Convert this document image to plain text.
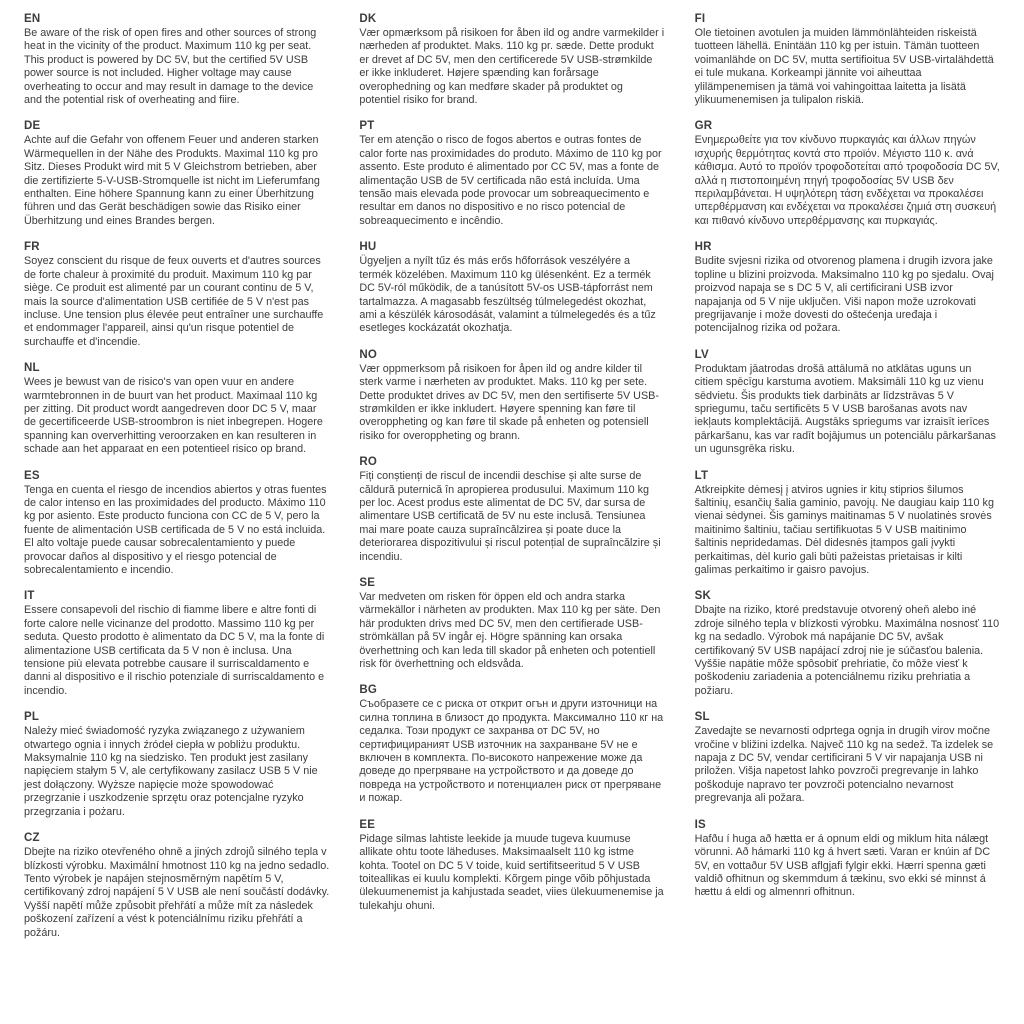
EN

Be aware of the risk of open fires and other sources of strong heat in the vicinity of the product. Maximum 110 kg per seat. This product is powered by DC 5V, but the certified 5V USB power source is not included. Higher voltage may cause overheating to occur and may result in damage to the device and the potential risk of overheating and fiire.

DE

Achte auf die Gefahr von offenem Feuer und anderen starken Wärmequellen in der Nähe des Produkts. Maximal 110 kg pro Sitz. Dieses Produkt wird mit 5 V Gleichstrom betrieben, aber die zertifizierte 5-V-USB-Stromquelle ist nicht im Lieferumfang enthalten. Eine höhere Spannung kann zu einer Überhitzung führen und das Gerät beschädigen sowie das Risiko einer Überhitzung und eines Brandes bergen.

FR

Soyez conscient du risque de feux ouverts et d'autres sources de forte chaleur à proximité du produit. Maximum 110 kg par siège. Ce produit est alimenté par un courant continu de 5 V, mais la source d'alimentation USB certifiée de 5 V n'est pas incluse. Une tension plus élevée peut entraîner une surchauffe et endommager l'appareil, ainsi qu'un risque potentiel de surchauffe et d'incendie.

NL

Wees je bewust van de risico's van open vuur en andere warmtebronnen in de buurt van het product. Maximaal 110 kg per zitting. Dit product wordt aangedreven door DC 5 V, maar de gecertificeerde USB-stroombron is niet inbegrepen. Hogere spanning kan oververhitting veroorzaken en kan resulteren in schade aan het apparaat en een potentieel risico op brand.

ES

Tenga en cuenta el riesgo de incendios abiertos y otras fuentes de calor intenso en las proximidades del producto. Máximo 110 kg por asiento. Este producto funciona con CC de 5 V, pero la fuente de alimentación USB certificada de 5 V no está incluida. El alto voltaje puede causar sobrecalentamiento y puede provocar daños al dispositivo y el riesgo potencial de sobrecalentamiento e incendio.

IT

Essere consapevoli del rischio di fiamme libere e altre fonti di forte calore nelle vicinanze del prodotto. Massimo 110 kg per seduta. Questo prodotto è alimentato da DC 5 V, ma la fonte di alimentazione USB certificata da 5 V non è inclusa. Una tensione più elevata potrebbe causare il surriscaldamento e danni al dispositivo e il rischio potenziale di surriscaldamento e incendio.

PL

Należy mieć świadomość ryzyka związanego z używaniem otwartego ognia i innych źródeł ciepła w pobliżu produktu. Maksymalnie 110 kg na siedzisko. Ten produkt jest zasilany napięciem stałym 5 V, ale certyfikowany zasilacz USB 5 V nie jest dołączony. Wyższe napięcie może spowodować przegrzanie i uszkodzenie sprzętu oraz potencjalne ryzyko przegrzania i pożaru.

CZ

Dbejte na riziko otevřeného ohně a jiných zdrojů silného tepla v blízkosti výrobku. Maximální hmotnost 110 kg na jedno sedadlo. Tento výrobek je napájen stejnosměrným napětím 5 V, certifikovaný zdroj napájení 5 V USB ale není součástí dodávky. Vyšší napětí může způsobit přehřátí a může mít za následek poškození zařízení a vést k potenciálnímu riziku přehřátí a požáru.

DK

Vær opmærksom på risikoen for åben ild og andre varmekilder i nærheden af produktet. Maks. 110 kg pr. sæde. Dette produkt er drevet af DC 5V, men den certificerede 5V USB-strømkilde er ikke inkluderet. Højere spænding kan forårsage overophedning og kan medføre skader på produktet og potentiel risiko for brand.

PT

Ter em atenção o risco de fogos abertos e outras fontes de calor forte nas proximidades do produto. Máximo de 110 kg por assento. Este produto é alimentado por CC 5V, mas a fonte de alimentação USB de 5V certificada não está incluída. Uma tensão mais elevada pode provocar um sobreaquecimento e resultar em danos no dispositivo e no risco potencial de sobreaquecimento e incêndio.

HU

Ügyeljen a nyílt tűz és más erős hőforrások veszélyére a termék közelében. Maximum 110 kg ülésenként. Ez a termék DC 5V-ról működik, de a tanúsított 5V-os USB-tápforrást nem tartalmazza. A magasabb feszültség túlmelegedést okozhat, ami a készülék károsodását, valamint a túlmelegedés és a tűz esetleges kockázatát okozhatja.

NO

Vær oppmerksom på risikoen for åpen ild og andre kilder til sterk varme i nærheten av produktet. Maks. 110 kg per sete. Dette produktet drives av DC 5V, men den sertifiserte 5V USB-strømkilden er ikke inkludert. Høyere spenning kan føre til overoppheting og kan føre til skade på enheten og potensiell risiko for overoppheting og brann.

RO

Fiți conștienți de riscul de incendii deschise și alte surse de căldură puternică în apropierea produsului. Maximum 110 kg per loc. Acest produs este alimentat de DC 5V, dar sursa de alimentare USB certificată de 5V nu este inclusă. Tensiunea mai mare poate cauza supraîncălzirea și poate duce la deteriorarea dispozitivului și riscul potențial de supraîncălzire și incendiu.

SE

Var medveten om risken för öppen eld och andra starka värmekällor i närheten av produkten. Max 110 kg per säte. Den här produkten drivs med DC 5V, men den certifierade USB-strömkällan på 5V ingår ej. Högre spänning kan orsaka överhettning och kan leda till skador på enheten och potentiell risk för överhettning och eldsvåda.

BG

Съобразете се с риска от открит огън и други източници на силна топлина в близост до продукта. Максимално 110 кг на седалка. Този продукт се захранва от DC 5V, но сертифицираният USB източник на захранване 5V не е включен в комплекта. По-високото напрежение може да доведе до прегряване на устройството и да доведе до повреда на устройството и потенциален риск от прегряване и пожар.

EE

Pidage silmas lahtiste leekide ja muude tugeva kuumuse allikate ohtu toote läheduses. Maksimaalselt 110 kg istme kohta. Tootel on DC 5 V toide, kuid sertifitseeritud 5 V USB toiteallikas ei kuulu komplekti. Kõrgem pinge võib põhjustada ülekuumenemist ja kahjustada seadet, viies ülekuumenemise ja tulekahju ohuni.

FI

Ole tietoinen avotulen ja muiden lämmönlähteiden riskeistä tuotteen lähellä. Enintään 110 kg per istuin. Tämän tuotteen voimanlähde on DC 5V, mutta sertifioitua 5V USB-virtalähdettä ei tule mukana. Korkeampi jännite voi aiheuttaa ylilämpenemisen ja tämä voi vahingoittaa laitetta ja lisätä ylikuumenemisen ja tulipalon riskiä.

GR

Ενημερωθείτε για τον κίνδυνο πυρκαγιάς και άλλων πηγών ισχυρής θερμότητας κοντά στο προϊόν. Μέγιστο 110 κ. ανά κάθισμα. Αυτό το προϊόν τροφοδοτείται από τροφοδοσία DC 5V, αλλά η πιστοποιημένη πηγή τροφοδοσίας 5V USB δεν περιλαμβάνεται. Η υψηλότερη τάση ενδέχεται να προκαλέσει υπερθέρμανση και ενδέχεται να προκαλέσει ζημιά στη συσκευή και πιθανό κίνδυνο υπερθέρμανσης και πυρκαγιάς.

HR

Budite svjesni rizika od otvorenog plamena i drugih izvora jake topline u blizini proizvoda. Maksimalno 110 kg po sjedalu. Ovaj proizvod napaja se s DC 5 V, ali certificirani USB izvor napajanja od 5 V nije uključen. Viši napon može uzrokovati pregrijavanje i može dovesti do oštećenja uređaja i potencijalnog rizika od požara.

LV

Produktam jāatrodas drošā attālumā no atklātas uguns un citiem spēcīgu karstuma avotiem. Maksimāli 110 kg uz vienu sēdvietu. Šis produkts tiek darbināts ar līdzstrāvas 5 V spriegumu, taču sertificēts 5 V USB barošanas avots nav iekļauts komplektācijā. Augstāks spriegums var izraisīt ierīces pārkaršanu, kas var radīt bojājumus un potenciālu pārkaršanas un ugunsgrēka risku.

LT

Atkreipkite dėmesį į atviros ugnies ir kitų stiprios šilumos šaltinių, esančių šalia gaminio, pavojų. Ne daugiau kaip 110 kg vienai sėdynei. Šis gaminys maitinamas 5 V nuolatinės srovės maitinimo šaltiniu, tačiau sertifikuotas 5 V USB maitinimo šaltinis nepridedamas. Dėl didesnės įtampos gali įvykti perkaitimas, dėl kurio gali būti pažeistas prietaisas ir kilti galimas perkaitimo ir gaisro pavojus.

SK

Dbajte na riziko, ktoré predstavuje otvorený oheň alebo iné zdroje silného tepla v blízkosti výrobku. Maximálna nosnosť 110 kg na sedadlo. Výrobok má napájanie DC 5V, avšak certifikovaný 5V USB napájací zdroj nie je súčasťou balenia. Vyššie napätie môže spôsobiť prehriatie, čo môže viesť k poškodeniu zariadenia a potenciálnemu riziku prehriatia a požiaru.

SL

Zavedajte se nevarnosti odprtega ognja in drugih virov močne vročine v bližini izdelka. Največ 110 kg na sedež. Ta izdelek se napaja z DC 5V, vendar certificirani 5 V vir napajanja USB ni priložen. Višja napetost lahko povzroči pregrevanje in lahko poškoduje napravo ter povzroči potencialno nevarnost pregrevanja ali požara.

IS

Hafðu í huga að hætta er á opnum eldi og miklum hita nálægt vörunni. Að hámarki 110 kg á hvert sæti. Varan er knúin af DC 5V, en vottaður 5V USB aflgjafi fylgir ekki. Hærri spenna gæti valdið ofhitnun og skemmdum á tækinu, svo ekki sé minnst á hættu á eldi og almennri ofhitnun.
